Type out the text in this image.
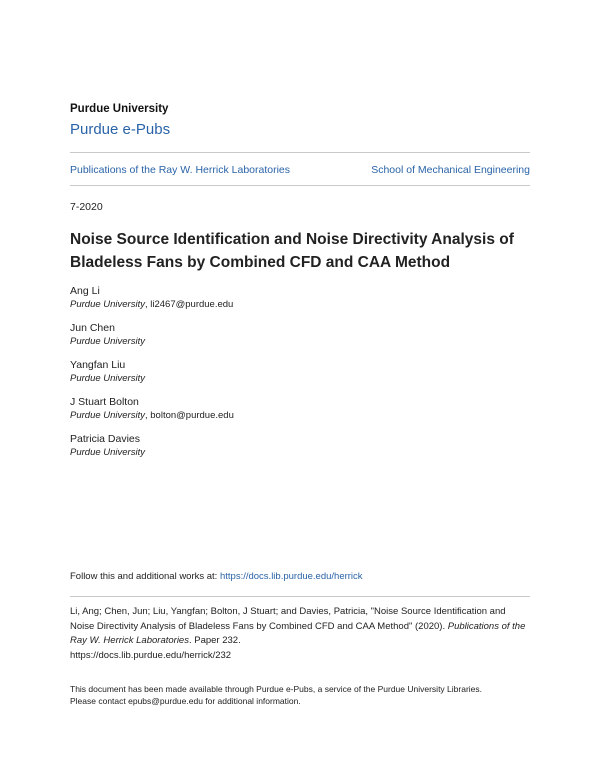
Purdue University
Purdue e-Pubs
Publications of the Ray W. Herrick Laboratories	School of Mechanical Engineering
7-2020
Noise Source Identification and Noise Directivity Analysis of Bladeless Fans by Combined CFD and CAA Method
Ang Li
Purdue University, li2467@purdue.edu
Jun Chen
Purdue University
Yangfan Liu
Purdue University
J Stuart Bolton
Purdue University, bolton@purdue.edu
Patricia Davies
Purdue University
Follow this and additional works at: https://docs.lib.purdue.edu/herrick
Li, Ang; Chen, Jun; Liu, Yangfan; Bolton, J Stuart; and Davies, Patricia, "Noise Source Identification and Noise Directivity Analysis of Bladeless Fans by Combined CFD and CAA Method" (2020). Publications of the Ray W. Herrick Laboratories. Paper 232.
https://docs.lib.purdue.edu/herrick/232
This document has been made available through Purdue e-Pubs, a service of the Purdue University Libraries.
Please contact epubs@purdue.edu for additional information.
